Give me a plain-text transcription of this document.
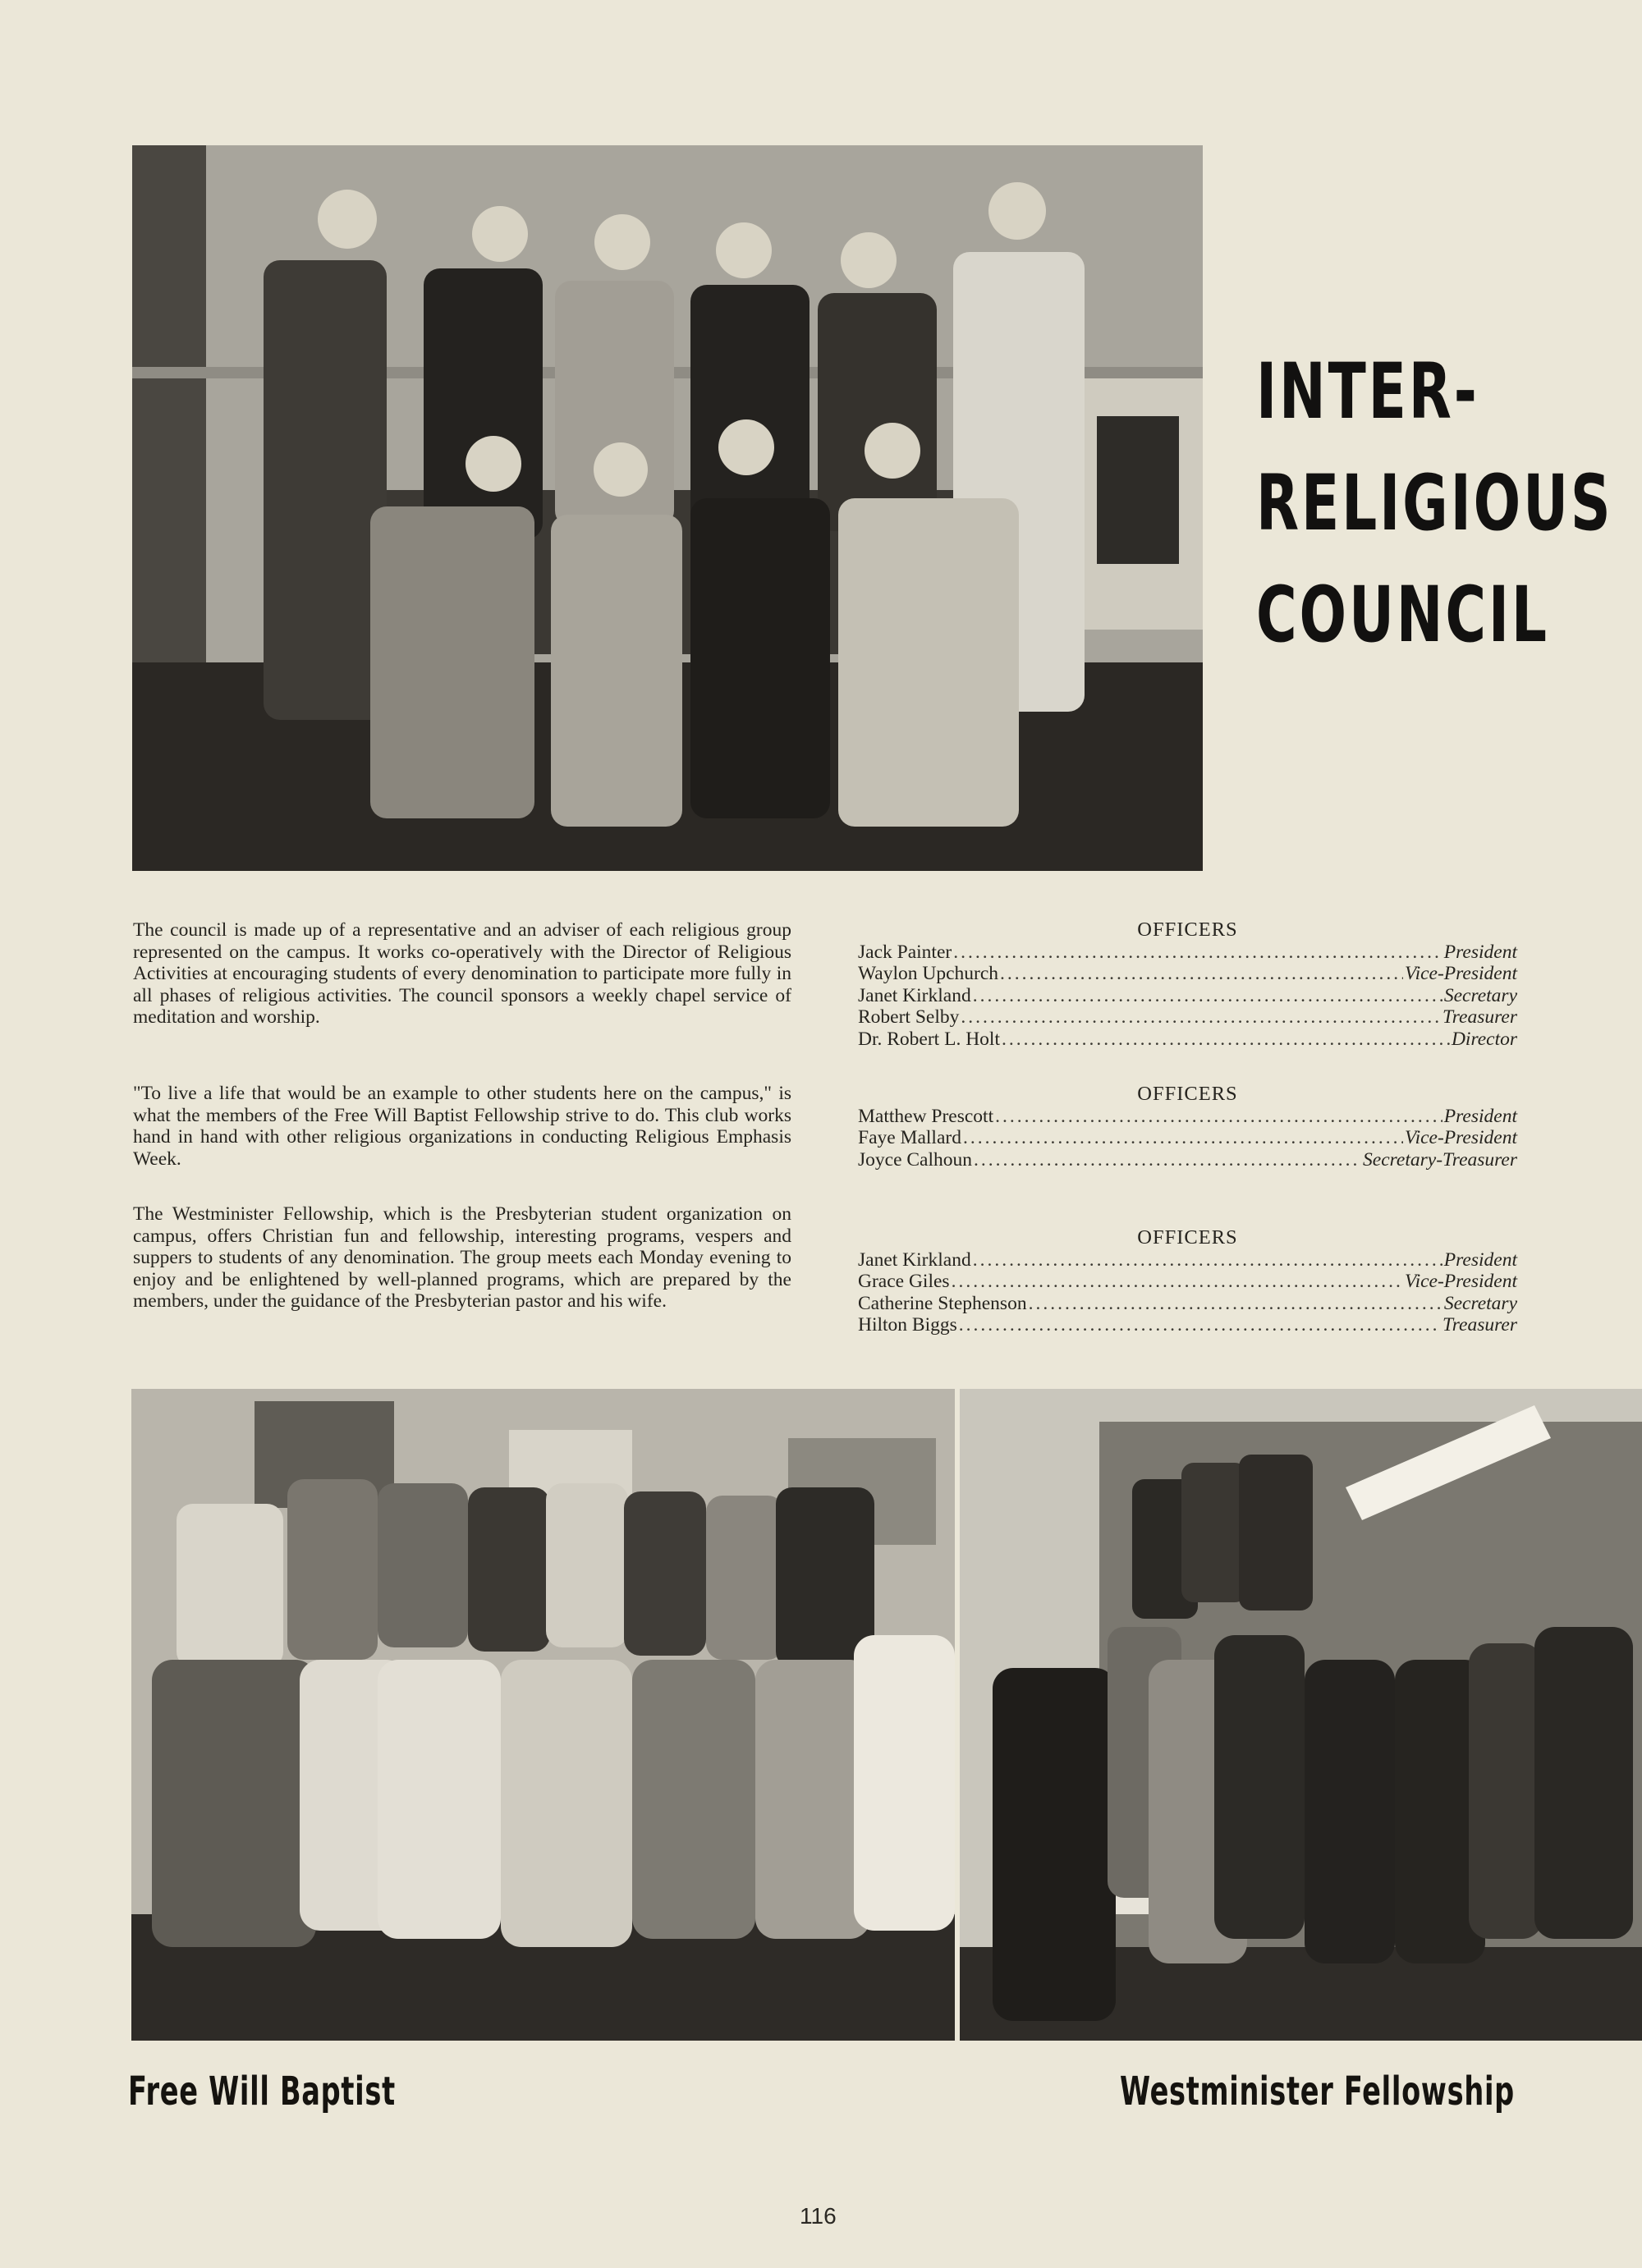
INTER-
RELIGIOUS
COUNCIL
The council is made up of a representative and an adviser of each religious group represented on the campus. It works co-operatively with the Director of Religious Activities at encouraging students of every denomination to participate more fully in all phases of religious activities. The council sponsors a weekly chapel service of meditation and worship.
"To live a life that would be an example to other students here on the campus," is what the members of the Free Will Baptist Fellowship strive to do. This club works hand in hand with other religious organizations in conducting Religious Emphasis Week.
The Westminister Fellowship, which is the Presbyterian student organization on campus, offers Christian fun and fellowship, interesting programs, vespers and suppers to students of any denomination. The group meets each Monday evening to enjoy and be enlightened by well-planned programs, which are prepared by the members, under the guidance of the Presbyterian pastor and his wife.
OFFICERS
Jack Painter .....	President
Waylon Upchurch .....	Vice-President
Janet Kirkland .....	Secretary
Robert Selby .....	Treasurer
Dr. Robert L. Holt .....	Director
OFFICERS
Matthew Prescott .....	President
Faye Mallard .....	Vice-President
Joyce Calhoun .....	Secretary-Treasurer
OFFICERS
Janet Kirkland .....	President
Grace Giles .....	Vice-President
Catherine Stephenson .....	Secretary
Hilton Biggs .....	Treasurer
Free Will Baptist	Westminister Fellowship
116
